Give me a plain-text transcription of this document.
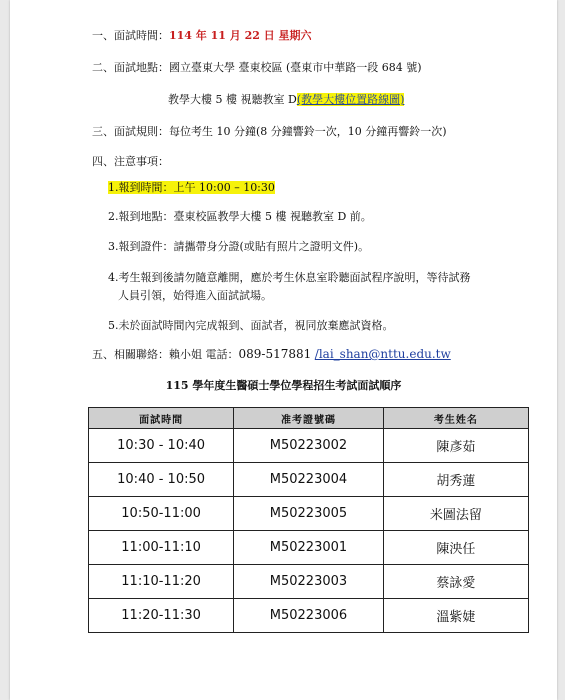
一、面試時間：114 年 11 月 22 日 星期六
二、面試地點：國立臺東大學 臺東校區 (臺東市中華路一段 684 號)
教學大樓 5 樓 視聽教室 D(教學大樓位置路線圖)
三、面試規則：每位考生 10 分鐘(8 分鐘響鈴一次，10 分鐘再響鈴一次)
四、注意事項：
1.報到時間：上午 10:00 – 10:30
2.報到地點：臺東校區教學大樓 5 樓 視聽教室 D 前。
3.報到證件：請攜帶身分證(或貼有照片之證明文件)。
4.考生報到後請勿隨意離開，應於考生休息室聆聽面試程序說明，等待試務
人員引領，始得進入面試試場。
5.未於面試時間內完成報到、面試者，視同放棄應試資格。
五、相關聯絡：賴小姐 電話：089-517881 /lai_shan@nttu.edu.tw
115 學年度生醫碩士學位學程招生考試面試順序
面試時間	准考證號碼	考生姓名
10:30 - 10:40	M50223002	陳彥茹
10:40 - 10:50	M50223004	胡秀蓮
10:50-11:00	M50223005	米圖法留
11:00-11:10	M50223001	陳泱任
11:10-11:20	M50223003	蔡詠愛
11:20-11:30	M50223006	溫紫婕
